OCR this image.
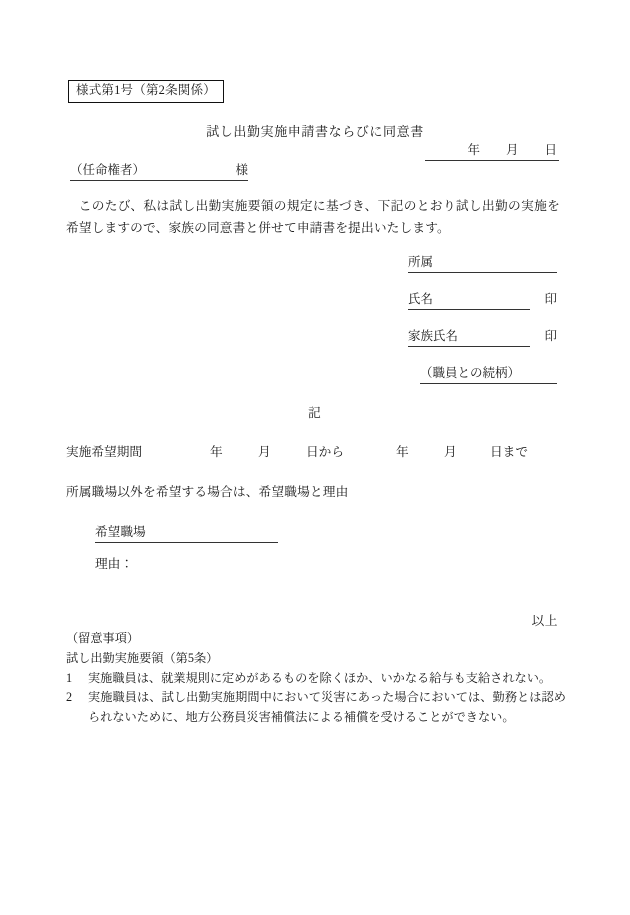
様式第1号（第2条関係）
試し出勤実施申請書ならびに同意書
年 月 日
（任命権者）	様
このたび、私は試し出勤実施要領の規定に基づき、下記のとおり試し出勤の実施を希望しますので、家族の同意書と併せて申請書を提出いたします。
所属
氏名	印
家族氏名	印
（職員との続柄）
記
実施希望期間	年	月	日から	年	月	日まで
所属職場以外を希望する場合は、希望職場と理由
希望職場
理由：
以上
（留意事項）
試し出勤実施要領（第5条）
1	実施職員は、就業規則に定めがあるものを除くほか、いかなる給与も支給されない。
2	実施職員は、試し出勤実施期間中において災害にあった場合においては、勤務とは認められないために、地方公務員災害補償法による補償を受けることができない。
